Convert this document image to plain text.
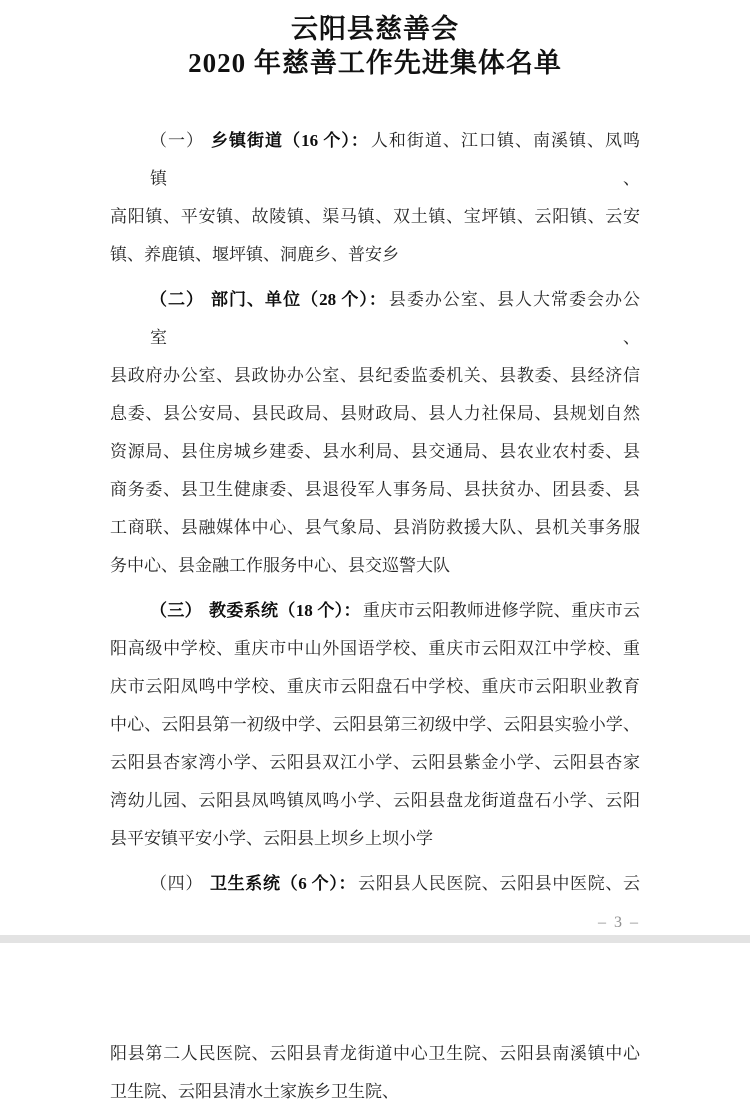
云阳县慈善会
2020 年慈善工作先进集体名单
（一） 乡镇街道（16 个）： 人和街道、江口镇、南溪镇、凤鸣镇、
高阳镇、平安镇、故陵镇、渠马镇、双土镇、宝坪镇、云阳镇、云安
镇、养鹿镇、堰坪镇、洞鹿乡、普安乡
（二） 部门、单位（28 个）： 县委办公室、县人大常委会办公室、
县政府办公室、县政协办公室、县纪委监委机关、县教委、县经济信
息委、县公安局、县民政局、县财政局、县人力社保局、县规划自然
资源局、县住房城乡建委、县水利局、县交通局、县农业农村委、县
商务委、县卫生健康委、县退役军人事务局、县扶贫办、团县委、县
工商联、县融媒体中心、县气象局、县消防救援大队、县机关事务服
务中心、县金融工作服务中心、县交巡警大队
（三） 教委系统（18 个）： 重庆市云阳教师进修学院、重庆市云
阳高级中学校、重庆市中山外国语学校、重庆市云阳双江中学校、重
庆市云阳凤鸣中学校、重庆市云阳盘石中学校、重庆市云阳职业教育
中心、云阳县第一初级中学、云阳县第三初级中学、云阳县实验小学、
云阳县杏家湾小学、云阳县双江小学、云阳县紫金小学、云阳县杏家
湾幼儿园、云阳县凤鸣镇凤鸣小学、云阳县盘龙街道盘石小学、云阳
县平安镇平安小学、云阳县上坝乡上坝小学
（四） 卫生系统（6 个）： 云阳县人民医院、云阳县中医院、云
– 3 –
阳县第二人民医院、云阳县青龙街道中心卫生院、云阳县南溪镇中心
卫生院、云阳县清水土家族乡卫生院、
